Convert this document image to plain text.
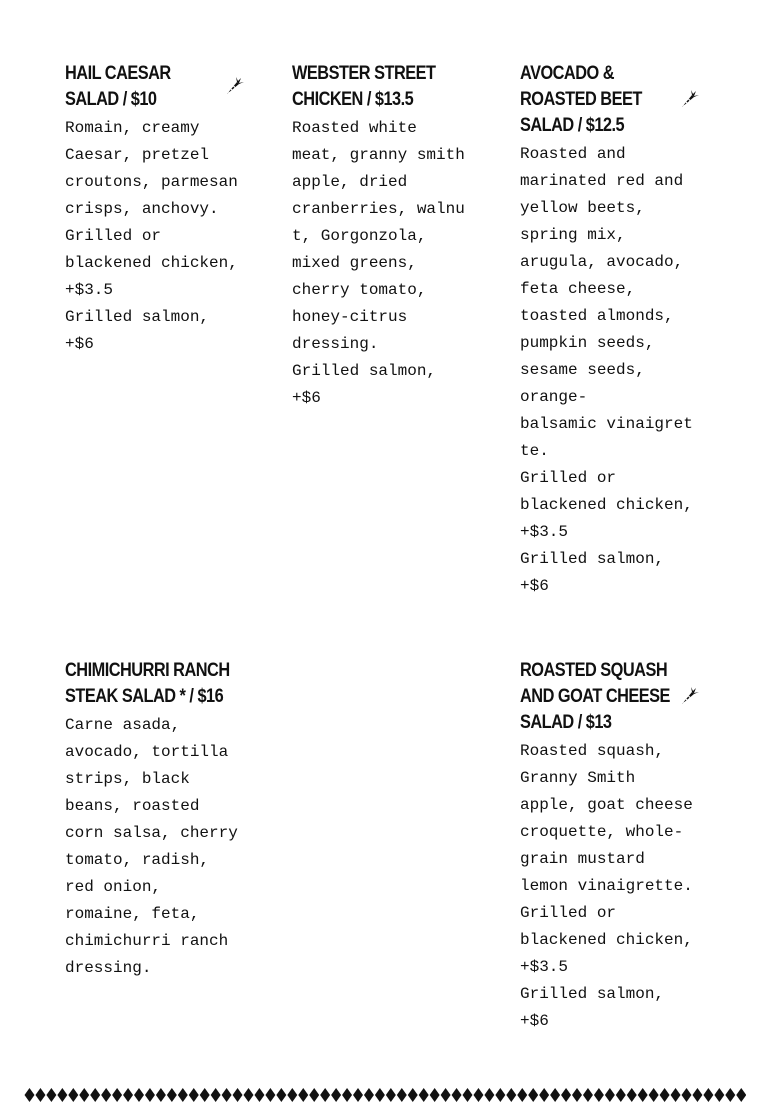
HAIL CAESAR
SALAD / $10

Romain, creamy
Caesar, pretzel
croutons, parmesan
crisps, anchovy.

Grilled or
blackened chicken,
+$3.5
Grilled salmon,
+$6

WEBSTER STREET
CHICKEN / $13.5

Roasted white
meat, granny smith
apple, dried
cranberries, walnu
t, Gorgonzola,
mixed greens,
cherry tomato,
honey-citrus
dressing.

Grilled salmon,
+$6

AVOCADO &
ROASTED BEET
SALAD / $12.5

Roasted and
marinated red and
yellow beets,
spring mix,
arugula, avocado,
feta cheese,
toasted almonds,
pumpkin seeds,
sesame seeds,
orange-
balsamic vinaigret
te.

Grilled or
blackened chicken,
+$3.5
Grilled salmon,
+$6

CHIMICHURRI RANCH
STEAK SALAD * / $16

Carne asada,
avocado, tortilla
strips, black
beans, roasted
corn salsa, cherry
tomato, radish,
red onion,
romaine, feta,
chimichurri ranch
dressing.

ROASTED SQUASH
AND GOAT CHEESE
SALAD / $13

Roasted squash,
Granny Smith
apple, goat cheese
croquette, whole-
grain mustard
lemon vinaigrette.

Grilled or
blackened chicken,
+$3.5
Grilled salmon,
+$6
